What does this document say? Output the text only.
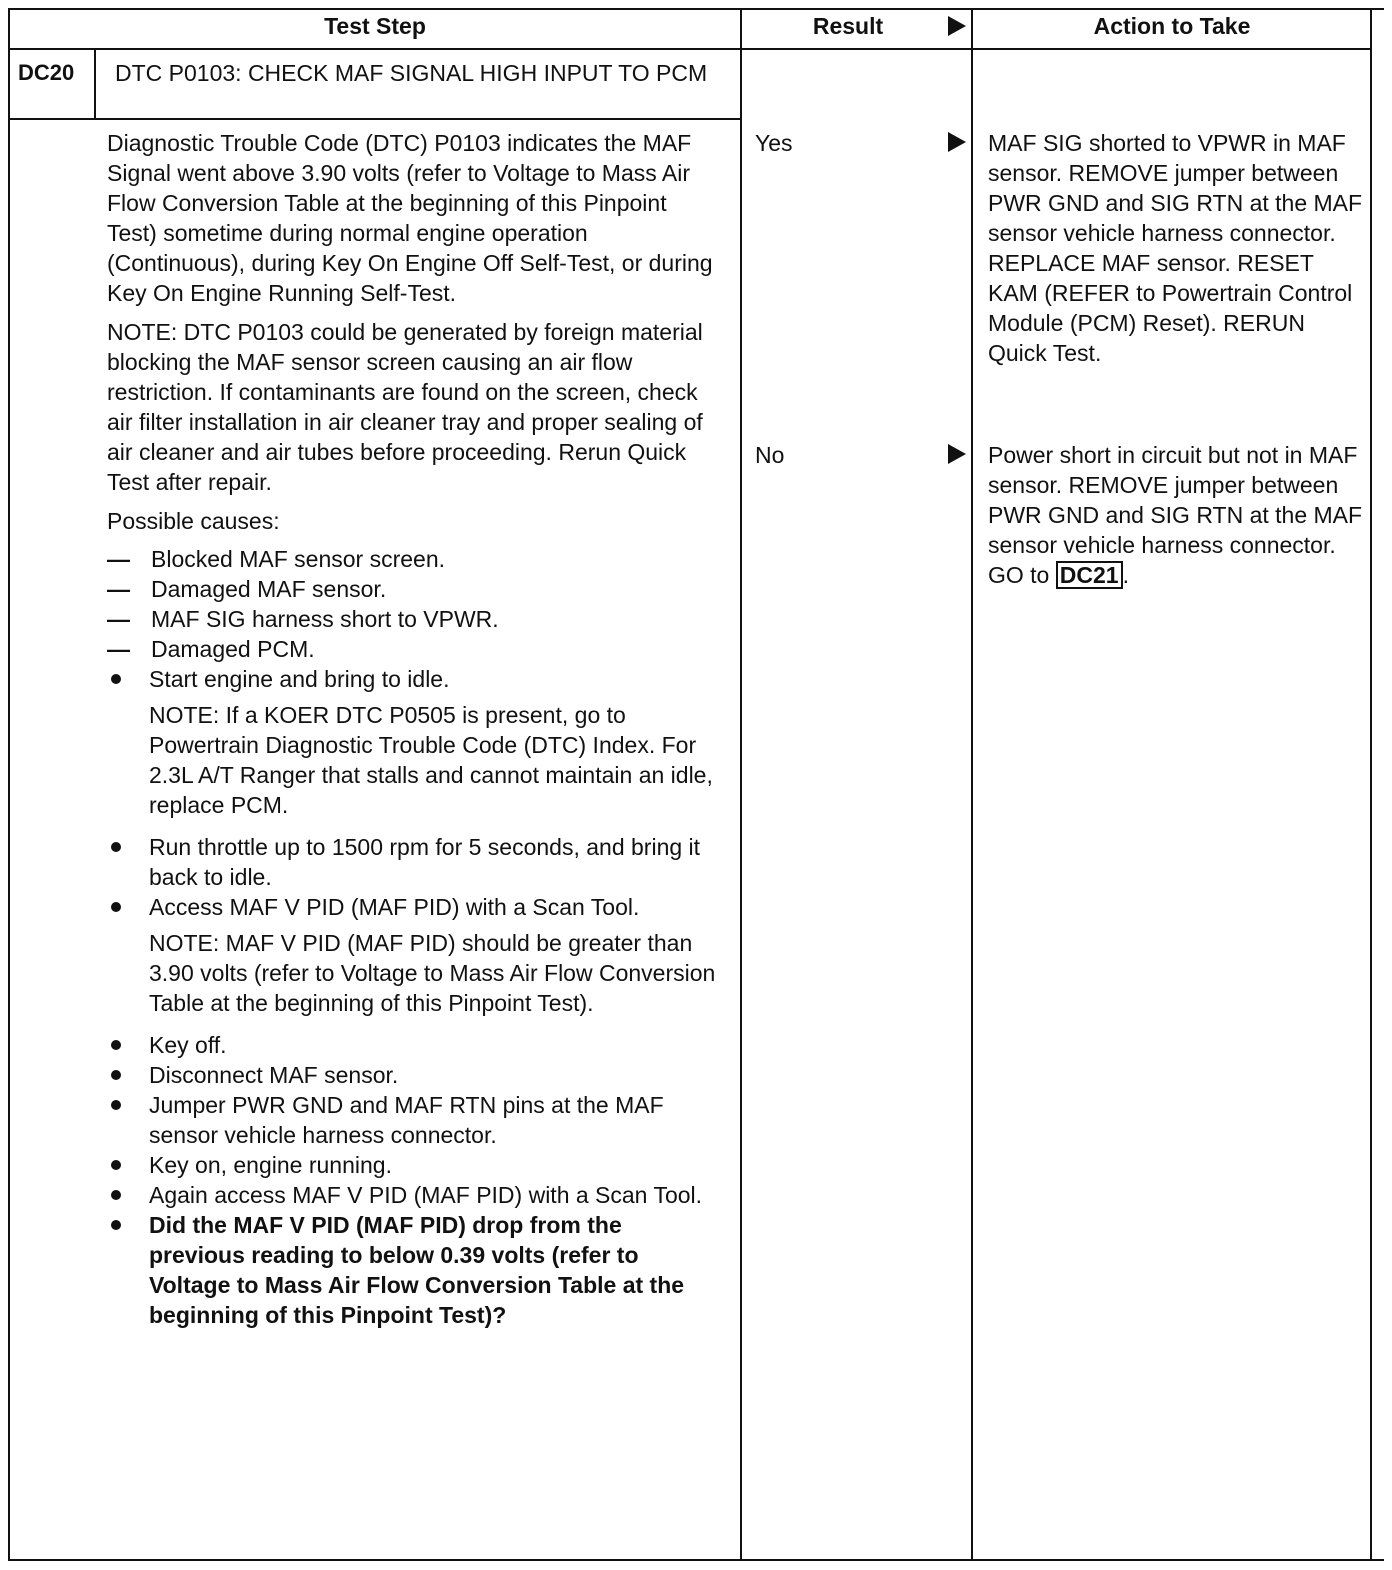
Test Step	Result	Action to Take
DC20 DTC P0103: CHECK MAF SIGNAL HIGH INPUT TO PCM

Diagnostic Trouble Code (DTC) P0103 indicates the MAF Signal went above 3.90 volts (refer to Voltage to Mass Air Flow Conversion Table at the beginning of this Pinpoint Test) sometime during normal engine operation (Continuous), during Key On Engine Off Self-Test, or during Key On Engine Running Self-Test.

NOTE: DTC P0103 could be generated by foreign material blocking the MAF sensor screen causing an air flow restriction. If contaminants are found on the screen, check air filter installation in air cleaner tray and proper sealing of air cleaner and air tubes before proceeding. Rerun Quick Test after repair.

Possible causes:

— Blocked MAF sensor screen.
— Damaged MAF sensor.
— MAF SIG harness short to VPWR.
— Damaged PCM.
Start engine and bring to idle.

NOTE: If a KOER DTC P0505 is present, go to Powertrain Diagnostic Trouble Code (DTC) Index. For 2.3L A/T Ranger that stalls and cannot maintain an idle, replace PCM.

Run throttle up to 1500 rpm for 5 seconds, and bring it back to idle.
Access MAF V PID (MAF PID) with a Scan Tool.

NOTE: MAF V PID (MAF PID) should be greater than 3.90 volts (refer to Voltage to Mass Air Flow Conversion Table at the beginning of this Pinpoint Test).

Key off.
Disconnect MAF sensor.
Jumper PWR GND and MAF RTN pins at the MAF sensor vehicle harness connector.
Key on, engine running.
Again access MAF V PID (MAF PID) with a Scan Tool.
Did the MAF V PID (MAF PID) drop from the previous reading to below 0.39 volts (refer to Voltage to Mass Air Flow Conversion Table at the beginning of this Pinpoint Test)?
Yes	MAF SIG shorted to VPWR in MAF sensor. REMOVE jumper between PWR GND and SIG RTN at the MAF sensor vehicle harness connector. REPLACE MAF sensor. RESET KAM (REFER to Powertrain Control Module (PCM) Reset). RERUN Quick Test.
No	Power short in circuit but not in MAF sensor. REMOVE jumper between PWR GND and SIG RTN at the MAF sensor vehicle harness connector. GO to DC21 .
